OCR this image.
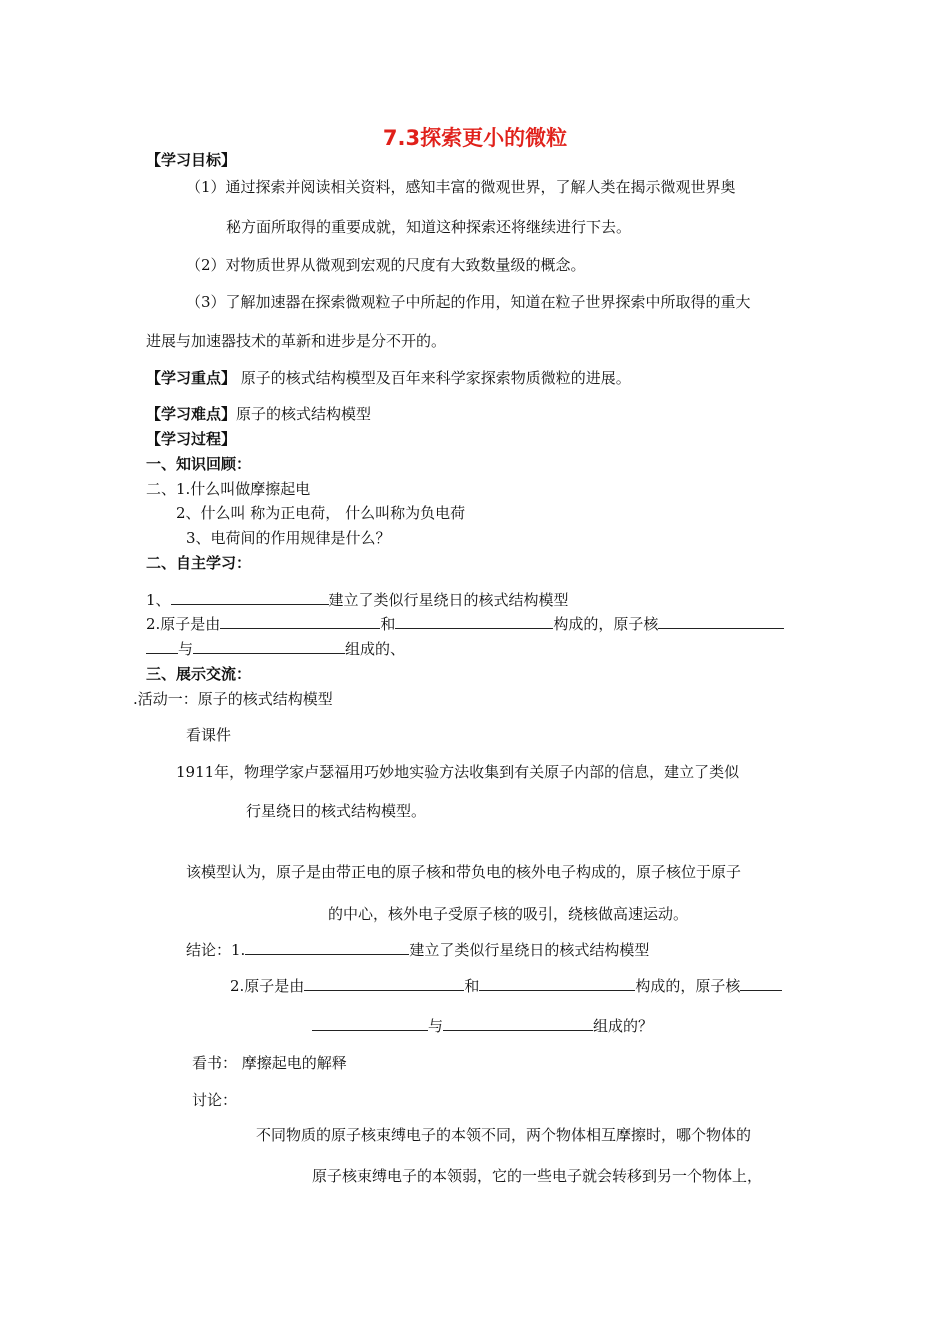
7.3探索更小的微粒
【学习目标】
（1）通过探索并阅读相关资料，感知丰富的微观世界，了解人类在揭示微观世界奥
秘方面所取得的重要成就，知道这种探索还将继续进行下去。
（2）对物质世界从微观到宏观的尺度有大致数量级的概念。
（3）了解加速器在探索微观粒子中所起的作用，知道在粒子世界探索中所取得的重大
进展与加速器技术的革新和进步是分不开的。
【学习重点】 原子的核式结构模型及百年来科学家探索物质微粒的进展。
【学习难点】原子的核式结构模型
【学习过程】
一、知识回顾：
二、1.什么叫做摩擦起电
2、什么叫 称为正电荷， 什么叫称为负电荷
3、电荷间的作用规律是什么？
二、自主学习：
1、	建立了类似行星绕日的核式结构模型
2.原子是由	和	构成的，原子核
与	组成的、
三、展示交流：
.活动一：原子的核式结构模型
看课件
1911年，物理学家卢瑟福用巧妙地实验方法收集到有关原子内部的信息，建立了类似
行星绕日的核式结构模型。
该模型认为，原子是由带正电的原子核和带负电的核外电子构成的，原子核位于原子
的中心，核外电子受原子核的吸引，绕核做高速运动。
结论：1.	建立了类似行星绕日的核式结构模型
2.原子是由	和	构成的，原子核
与	组成的？
看书： 摩擦起电的解释
讨论：
不同物质的原子核束缚电子的本领不同，两个物体相互摩擦时，哪个物体的
原子核束缚电子的本领弱，它的一些电子就会转移到另一个物体上，
